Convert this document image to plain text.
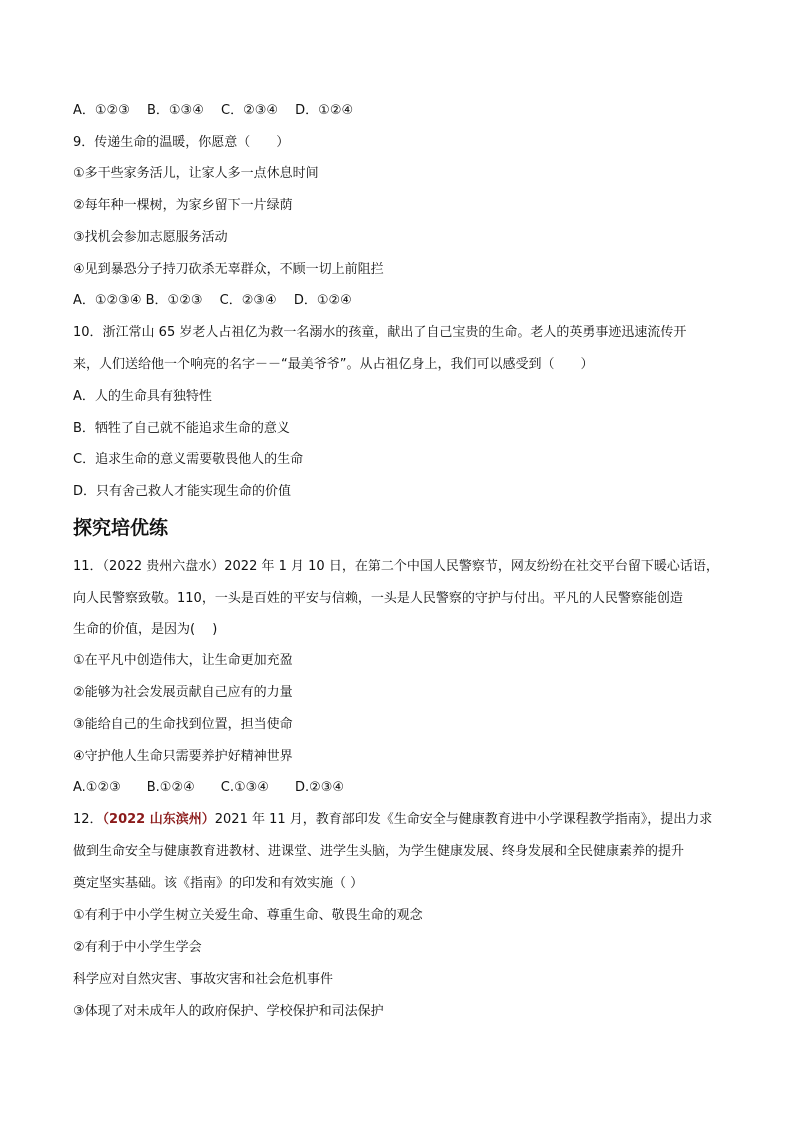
A．①②③　 B．①③④　 C．②③④　 D．①②④
9．传递生命的温暖，你愿意（　　）
①多干些家务活儿，让家人多一点休息时间
②每年种一棵树，为家乡留下一片绿荫
③找机会参加志愿服务活动
④见到暴恐分子持刀砍杀无辜群众，不顾一切上前阻拦
A．①②③④ B．①②③　 C．②③④　 D．①②④
10．浙江常山 65 岁老人占祖亿为救一名溺水的孩童，献出了自己宝贵的生命。老人的英勇事迹迅速流传开
来，人们送给他一个响亮的名字－－“最美爷爷”。从占祖亿身上，我们可以感受到（　　）
A．人的生命具有独特性
B．牺牲了自己就不能追求生命的意义
C．追求生命的意义需要敬畏他人的生命
D．只有舍己救人才能实现生命的价值
探究培优练
11．（2022 贵州六盘水）2022 年 1 月 10 日，在第二个中国人民警察节，网友纷纷在社交平台留下暖心话语，
向人民警察致敬。110，一头是百姓的平安与信赖，一头是人民警察的守护与付出。平凡的人民警察能创造
生命的价值，是因为(　 )
①在平凡中创造伟大，让生命更加充盈
②能够为社会发展贡献自己应有的力量
③能给自己的生命找到位置，担当使命
④守护他人生命只需要养护好精神世界
A.①②③　　B.①②④　　C.①③④　　D.②③④
12．（2022 山东滨州）2021 年 11 月，教育部印发《生命安全与健康教育进中小学课程教学指南》，提出力求
做到生命安全与健康教育进教材、进课堂、进学生头脑，为学生健康发展、终身发展和全民健康素养的提升
奠定坚实基础。该《指南》的印发和有效实施（ ）
①有利于中小学生树立关爱生命、尊重生命、敬畏生命的观念
②有利于中小学生学会
科学应对自然灾害、事故灾害和社会危机事件
③体现了对未成年人的政府保护、学校保护和司法保护
